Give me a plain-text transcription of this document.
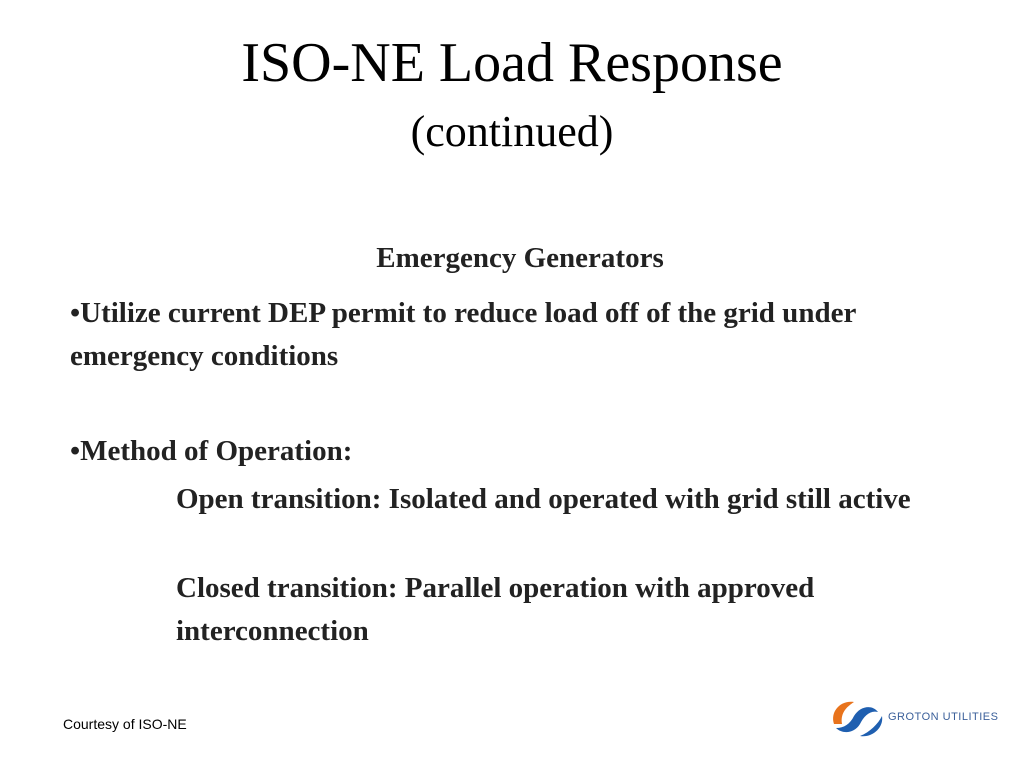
ISO-NE Load Response
(continued)
Emergency Generators
•Utilize current DEP permit to reduce load off of the grid under emergency conditions
•Method of Operation:
Open transition: Isolated and operated with grid still active
Closed transition: Parallel operation with approved interconnection
Courtesy of ISO-NE	GROTON UTILITIES
